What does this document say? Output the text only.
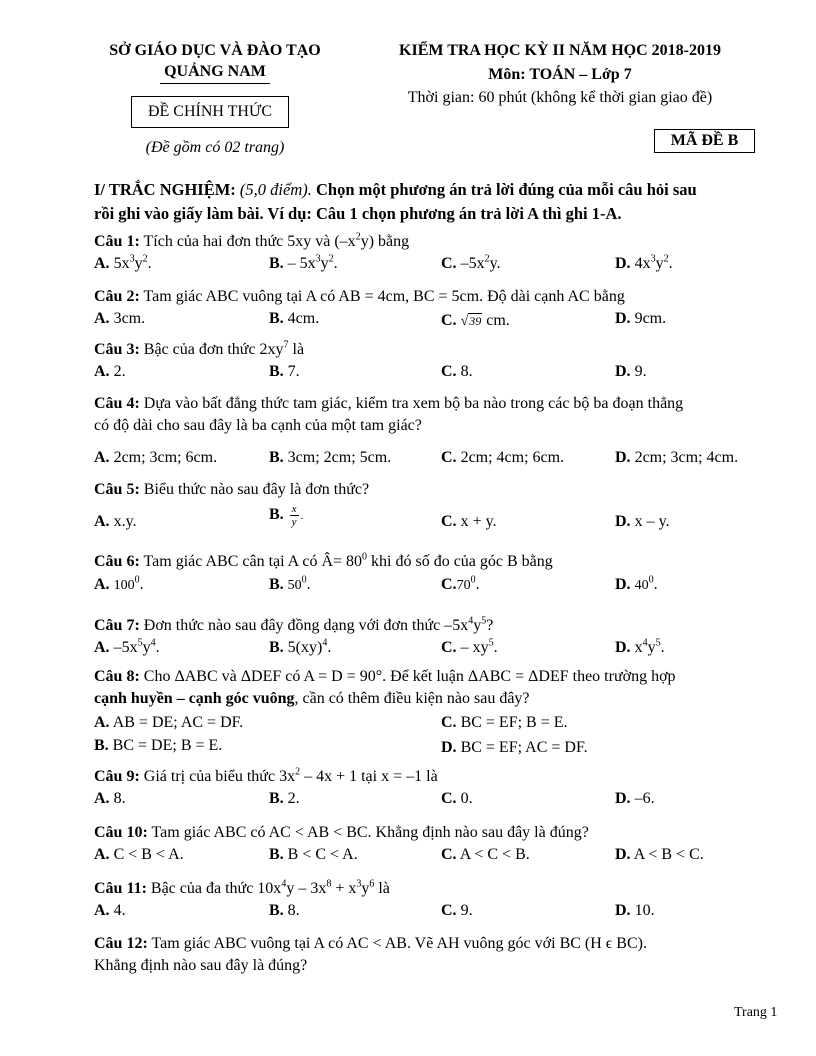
SỞ GIÁO DỤC VÀ ĐÀO TẠO
QUẢNG NAM
ĐỀ CHÍNH THỨC
(Đề gồm có 02 trang)
KIỂM TRA HỌC KỲ II NĂM HỌC 2018-2019
Môn: TOÁN – Lớp 7
Thời gian: 60 phút (không kể thời gian giao đề)
MÃ ĐỀ B
I/ TRẮC NGHIỆM: (5,0 điểm). Chọn một phương án trả lời đúng của mỗi câu hỏi sau
rồi ghi vào giấy làm bài. Ví dụ: Câu 1 chọn phương án trả lời A thì ghi 1-A.
Câu 1: Tích của hai đơn thức 5xy và $(-x^2y)$ bằng
A. $5x^3y^2$.	B. – $5x^3y^2$.	C. $-5x^2y$.	D. $4x^3y^2$.
Câu 2: Tam giác ABC vuông tại A có AB = 4cm, BC = 5cm. Độ dài cạnh AC bằng
A. 3cm.	B. 4cm.	C. √39 cm.	D. 9cm.
Câu 3: Bậc của đơn thức $2xy^7$ là
A. 2.	B. 7.	C. 8.	D. 9.
Câu 4: Dựa vào bất đẳng thức tam giác, kiểm tra xem bộ ba nào trong các bộ ba đoạn thẳng
có độ dài cho sau đây là ba cạnh của một tam giác?
A. 2cm; 3cm; 6cm.	B. 3cm; 2cm; 5cm.	C. 2cm; 4cm; 6cm.	D. 2cm; 3cm; 4cm.
Câu 5: Biểu thức nào sau đây là đơn thức?
A. x.y.	B. $\frac{x}{y}$ .	C. x + y.	D. x – y.
Câu 6: Tam giác ABC cân tại A có Â= $80^0$ khi đó số đo của góc B bằng
A. $100^0$.	B. $50^0$.	$C.70^0$.	D. $40^0$.
Câu 7: Đơn thức nào sau đây đồng dạng với đơn thức $-5x^4y^5$?
A. $-5x^5y^4$.	B. 5(xy)$^4$.	C. – $xy^5$.	D. $x^4y^5$.
Câu 8: Cho ΔABC và ΔDEF có A = D = 90°. Để kết luận ΔABC = ΔDEF theo trường hợp
cạnh huyền – cạnh góc vuông, cần có thêm điều kiện nào sau đây?
A. AB = DE; AC = DF.	C. BC = EF; B = E.
B. BC = DE; B = E.	D. BC = EF; AC = DF.
Câu 9: Giá trị của biểu thức $3x^2 - 4x + 1$ tại x = –1 là
A. 8.	B. 2.	C. 0.	D. –6.
Câu 10: Tam giác ABC có AC < AB < BC. Khẳng định nào sau đây là đúng?
A. C < B < A.	B. B < C < A.	C. A < C < B.	D. A < B < C.
Câu 11: Bậc của đa thức $10x^4y - 3x^8 + x^3y^6$ là
A. 4.	B. 8.	C. 9.	D. 10.
Câu 12: Tam giác ABC vuông tại A có AC < AB. Vẽ AH vuông góc với BC (H ϵ BC).
Khẳng định nào sau đây là đúng?
Trang 1
